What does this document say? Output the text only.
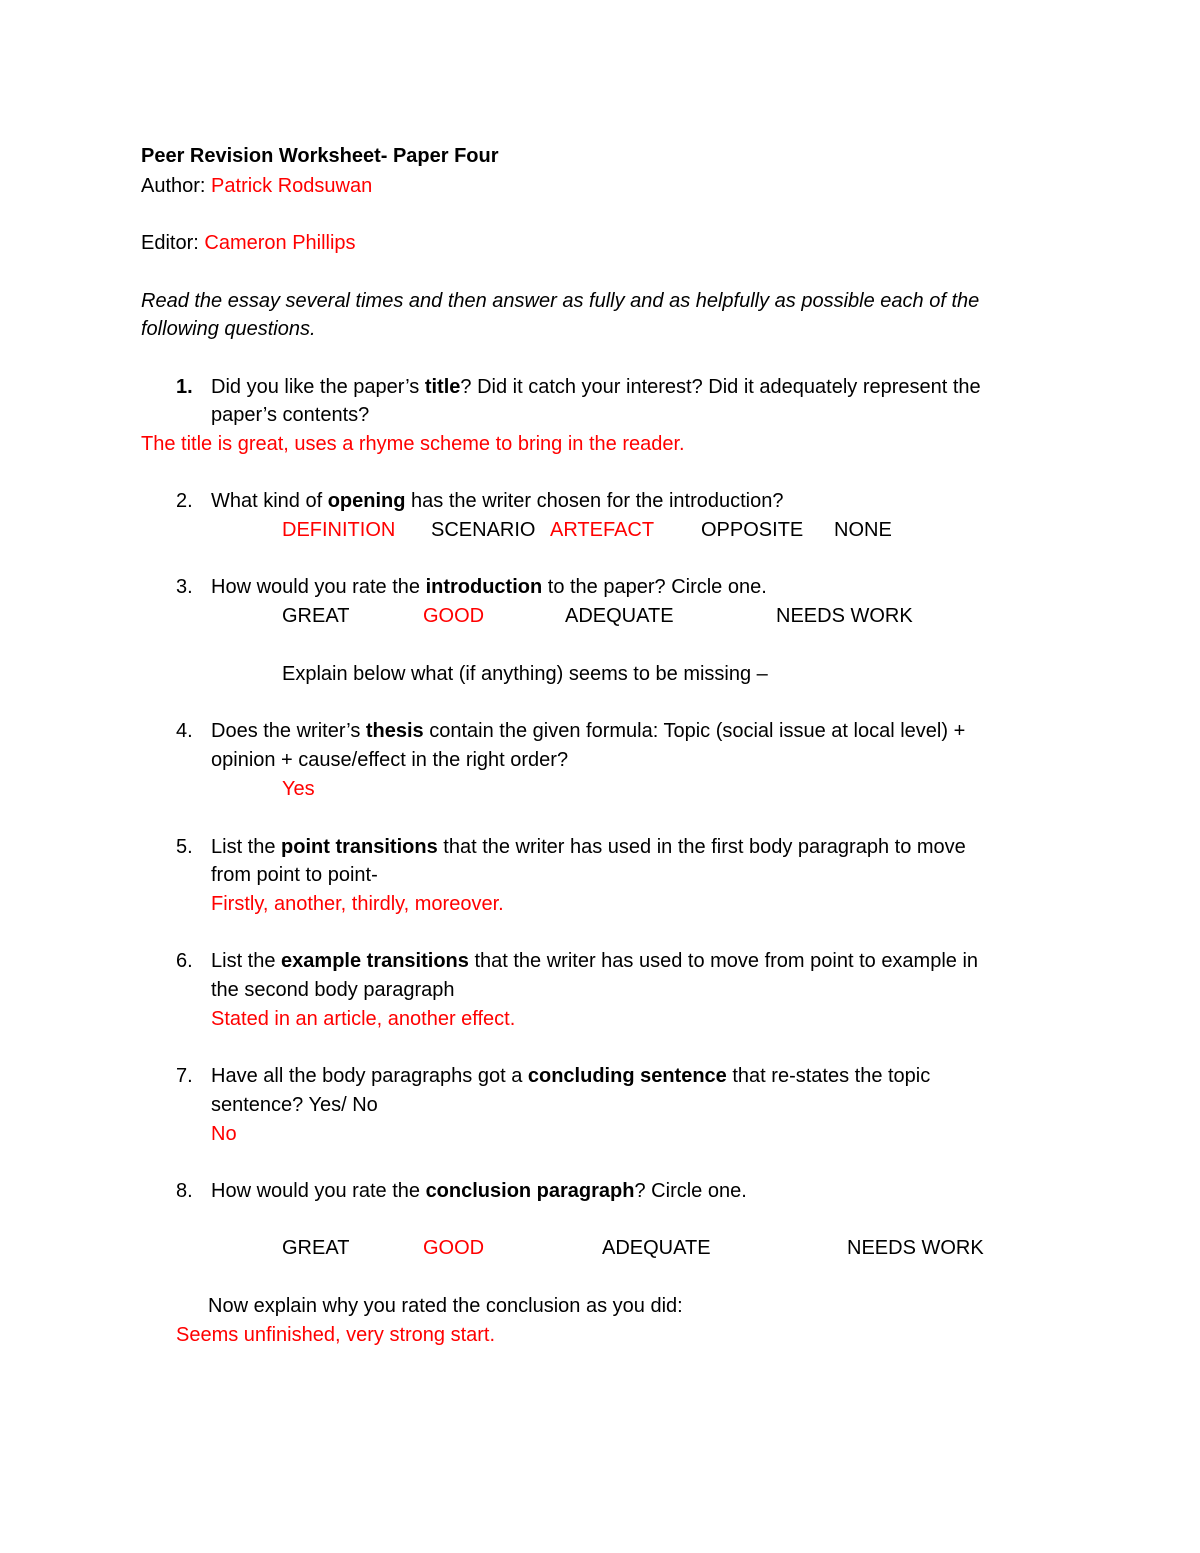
Peer Revision Worksheet- Paper Four
Author: Patrick Rodsuwan
Editor: Cameron Phillips
Read the essay several times and then answer as fully and as helpfully as possible each of the
following questions.
1. Did you like the paper’s title? Did it catch your interest? Did it adequately represent the
paper’s contents?
The title is great, uses a rhyme scheme to bring in the reader.
2. What kind of opening has the writer chosen for the introduction?
DEFINITION SCENARIO ARTEFACT OPPOSITE NONE
3. How would you rate the introduction to the paper? Circle one.
GREAT	GOOD	ADEQUATE	NEEDS WORK
Explain below what (if anything) seems to be missing –
4. Does the writer’s thesis contain the given formula: Topic (social issue at local level) +
opinion + cause/effect in the right order?
Yes
5. List the point transitions that the writer has used in the first body paragraph to move
from point to point-
Firstly, another, thirdly, moreover.
6. List the example transitions that the writer has used to move from point to example in
the second body paragraph
Stated in an article, another effect.
7. Have all the body paragraphs got a concluding sentence that re-states the topic
sentence? Yes/ No
No
8. How would you rate the conclusion paragraph? Circle one.
GREAT	GOOD	ADEQUATE	NEEDS WORK
Now explain why you rated the conclusion as you did:
Seems unfinished, very strong start.
